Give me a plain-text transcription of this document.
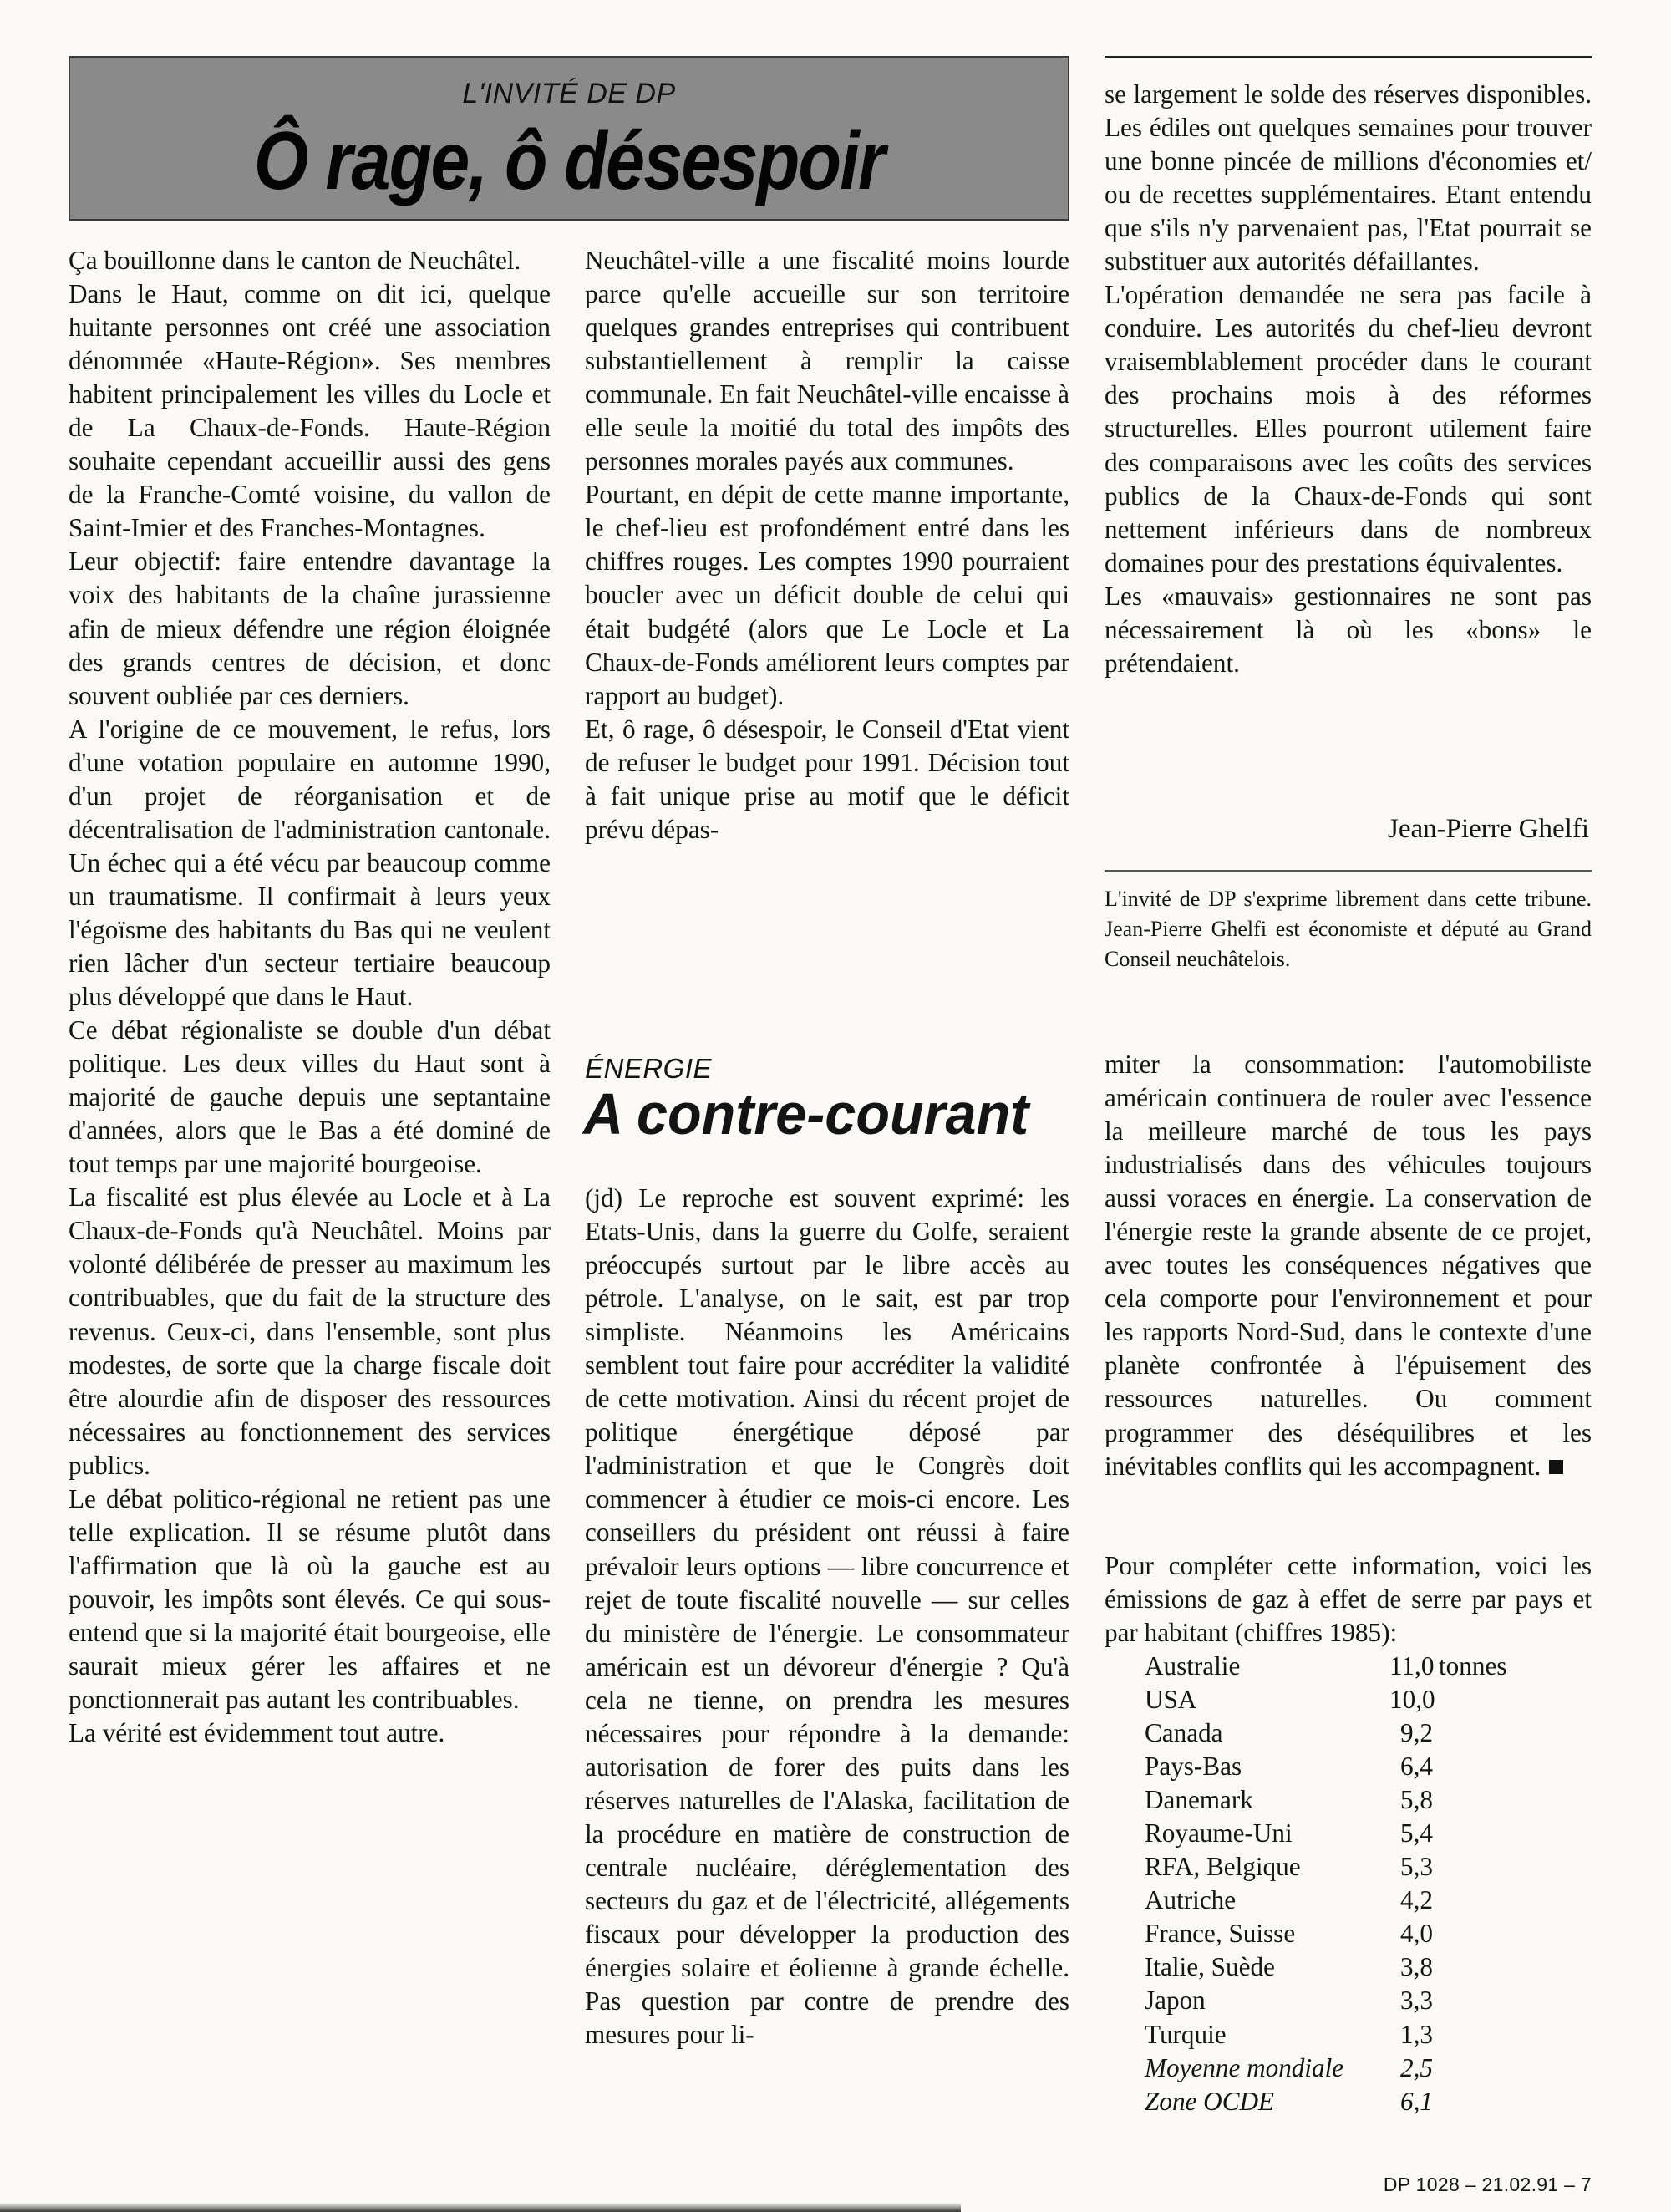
L'INVITÉ DE DP
Ô rage, ô désespoir

Ça bouillonne dans le canton de Neuchâtel.

Dans le Haut, comme on dit ici, quelque huitante personnes ont créé une association dénommée «Haute-Région». Ses membres habitent principalement les villes du Locle et de La Chaux-de-Fonds. Haute-Région souhaite cependant accueillir aussi des gens de la Franche-Comté voisine, du vallon de Saint-Imier et des Franches-Montagnes.

Leur objectif: faire entendre davantage la voix des habitants de la chaîne jurassienne afin de mieux défendre une région éloignée des grands centres de décision, et donc souvent oubliée par ces derniers.

A l'origine de ce mouvement, le refus, lors d'une votation populaire en automne 1990, d'un projet de réorganisation et de décentralisation de l'administration cantonale. Un échec qui a été vécu par beaucoup comme un traumatisme. Il confirmait à leurs yeux l'égoïsme des habitants du Bas qui ne veulent rien lâcher d'un secteur tertiaire beaucoup plus développé que dans le Haut.

Ce débat régionaliste se double d'un débat politique. Les deux villes du Haut sont à majorité de gauche depuis une septantaine d'années, alors que le Bas a été dominé de tout temps par une majorité bourgeoise.

La fiscalité est plus élevée au Locle et à La Chaux-de-Fonds qu'à Neuchâtel. Moins par volonté délibérée de presser au maximum les contribuables, que du fait de la structure des revenus. Ceux-ci, dans l'ensemble, sont plus modestes, de sorte que la charge fiscale doit être alourdie afin de disposer des ressources nécessaires au fonctionnement des services publics.

Le débat politico-régional ne retient pas une telle explication. Il se résume plutôt dans l'affirmation que là où la gauche est au pouvoir, les impôts sont élevés. Ce qui sous-entend que si la majorité était bourgeoise, elle saurait mieux gérer les affaires et ne ponctionnerait pas autant les contribuables.

La vérité est évidemment tout autre.

Neuchâtel-ville a une fiscalité moins lourde parce qu'elle accueille sur son territoire quelques grandes entreprises qui contribuent substantiellement à remplir la caisse communale. En fait Neuchâtel-ville encaisse à elle seule la moitié du total des impôts des personnes morales payés aux communes.

Pourtant, en dépit de cette manne importante, le chef-lieu est profondément entré dans les chiffres rouges. Les comptes 1990 pourraient boucler avec un déficit double de celui qui était budgété (alors que Le Locle et La Chaux-de-Fonds améliorent leurs comptes par rapport au budget).

Et, ô rage, ô désespoir, le Conseil d'Etat vient de refuser le budget pour 1991. Décision tout à fait unique prise au motif que le déficit prévu dépas-

se largement le solde des réserves disponibles. Les édiles ont quelques semaines pour trouver une bonne pincée de millions d'économies et/ ou de recettes supplémentaires. Etant entendu que s'ils n'y parvenaient pas, l'Etat pourrait se substituer aux autorités défaillantes.

L'opération demandée ne sera pas facile à conduire. Les autorités du chef-lieu devront vraisemblablement procéder dans le courant des prochains mois à des réformes structurelles. Elles pourront utilement faire des comparaisons avec les coûts des services publics de la Chaux-de-Fonds qui sont nettement inférieurs dans de nombreux domaines pour des prestations équivalentes.

Les «mauvais» gestionnaires ne sont pas nécessairement là où les «bons» le prétendaient.

Jean-Pierre Ghelfi
L'invité de DP s'exprime librement dans cette tribune. Jean-Pierre Ghelfi est économiste et député au Grand Conseil neuchâtelois.
ÉNERGIE
A contre-courant

(jd) Le reproche est souvent exprimé: les Etats-Unis, dans la guerre du Golfe, seraient préoccupés surtout par le libre accès au pétrole. L'analyse, on le sait, est par trop simpliste. Néanmoins les Américains semblent tout faire pour accréditer la validité de cette motivation. Ainsi du récent projet de politique énergétique déposé par l'administration et que le Congrès doit commencer à étudier ce mois-ci encore. Les conseillers du président ont réussi à faire prévaloir leurs options — libre concurrence et rejet de toute fiscalité nouvelle — sur celles du ministère de l'énergie. Le consommateur américain est un dévoreur d'énergie ? Qu'à cela ne tienne, on prendra les mesures nécessaires pour répondre à la demande: autorisation de forer des puits dans les réserves naturelles de l'Alaska, facilitation de la procédure en matière de construction de centrale nucléaire, déréglementation des secteurs du gaz et de l'électricité, allégements fiscaux pour développer la production des énergies solaire et éolienne à grande échelle. Pas question par contre de prendre des mesures pour li-

miter la consommation: l'automobiliste américain continuera de rouler avec l'essence la meilleure marché de tous les pays industrialisés dans des véhicules toujours aussi voraces en énergie. La conservation de l'énergie reste la grande absente de ce projet, avec toutes les conséquences négatives que cela comporte pour l'environnement et pour les rapports Nord-Sud, dans le contexte d'une planète confrontée à l'épuisement des ressources naturelles. Ou comment programmer des déséquilibres et les inévitables conflits qui les accompagnent.

Pour compléter cette information, voici les émissions de gaz à effet de serre par pays et par habitant (chiffres 1985):

Australie	11,0 tonnes
USA	10,0
Canada	9,2
Pays-Bas	6,4
Danemark	5,8
Royaume-Uni	5,4
RFA, Belgique	5,3
Autriche	4,2
France, Suisse	4,0
Italie, Suède	3,8
Japon	3,3
Turquie	1,3
Moyenne mondiale	2,5
Zone OCDE	6,1
DP 1028 – 21.02.91 – 7
